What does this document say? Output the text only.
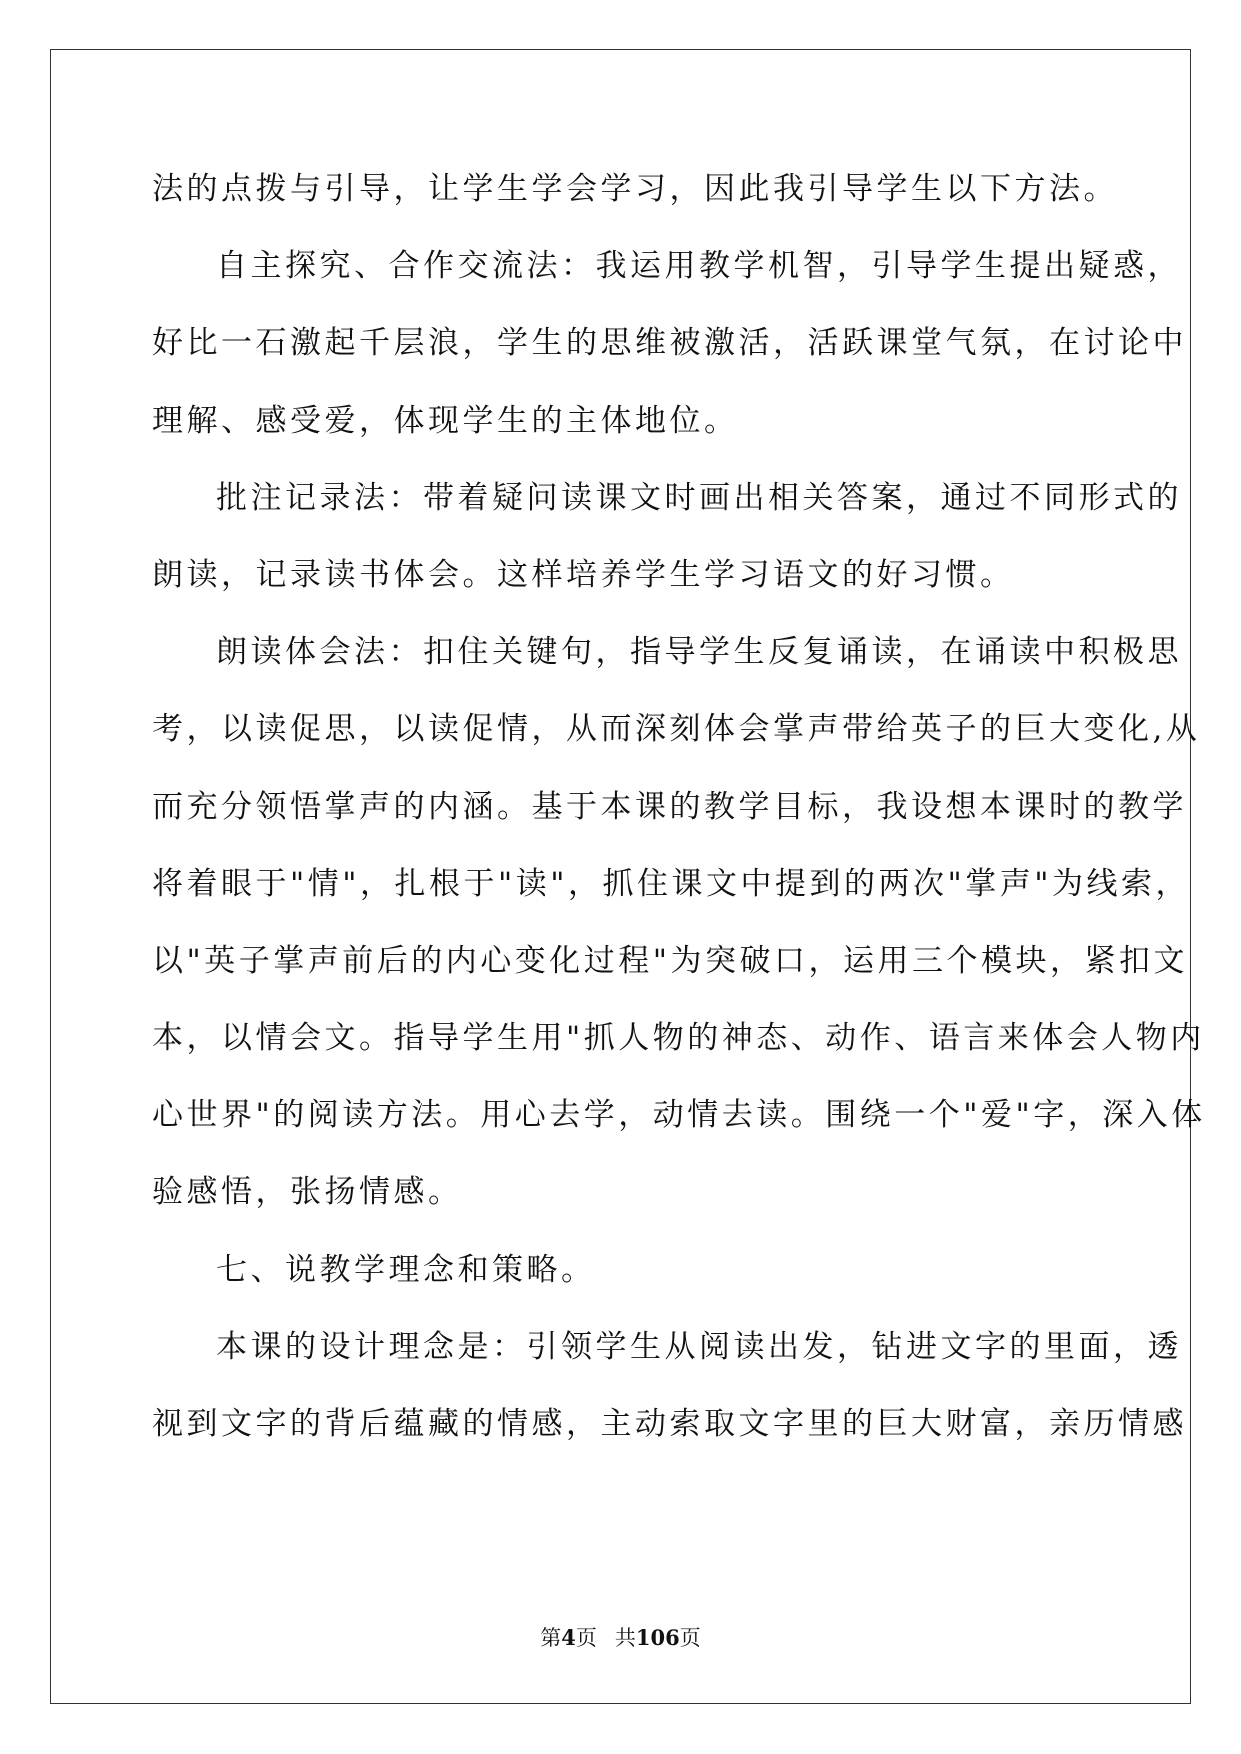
法的点拨与引导，让学生学会学习，因此我引导学生以下方法。
自主探究、合作交流法：我运用教学机智，引导学生提出疑惑，
好比一石激起千层浪，学生的思维被激活，活跃课堂气氛，在讨论中
理解、感受爱，体现学生的主体地位。
批注记录法：带着疑问读课文时画出相关答案，通过不同形式的
朗读，记录读书体会。这样培养学生学习语文的好习惯。
朗读体会法：扣住关键句，指导学生反复诵读，在诵读中积极思
考，以读促思，以读促情，从而深刻体会掌声带给英子的巨大变化,从
而充分领悟掌声的内涵。基于本课的教学目标，我设想本课时的教学
将着眼于"情"，扎根于"读"，抓住课文中提到的两次"掌声"为线索，
以"英子掌声前后的内心变化过程"为突破口，运用三个模块，紧扣文
本，以情会文。指导学生用"抓人物的神态、动作、语言来体会人物内
心世界"的阅读方法。用心去学，动情去读。围绕一个"爱"字，深入体
验感悟，张扬情感。
七、说教学理念和策略。
本课的设计理念是：引领学生从阅读出发，钻进文字的里面，透
视到文字的背后蕴藏的情感，主动索取文字里的巨大财富，亲历情感
第4页 共106页
